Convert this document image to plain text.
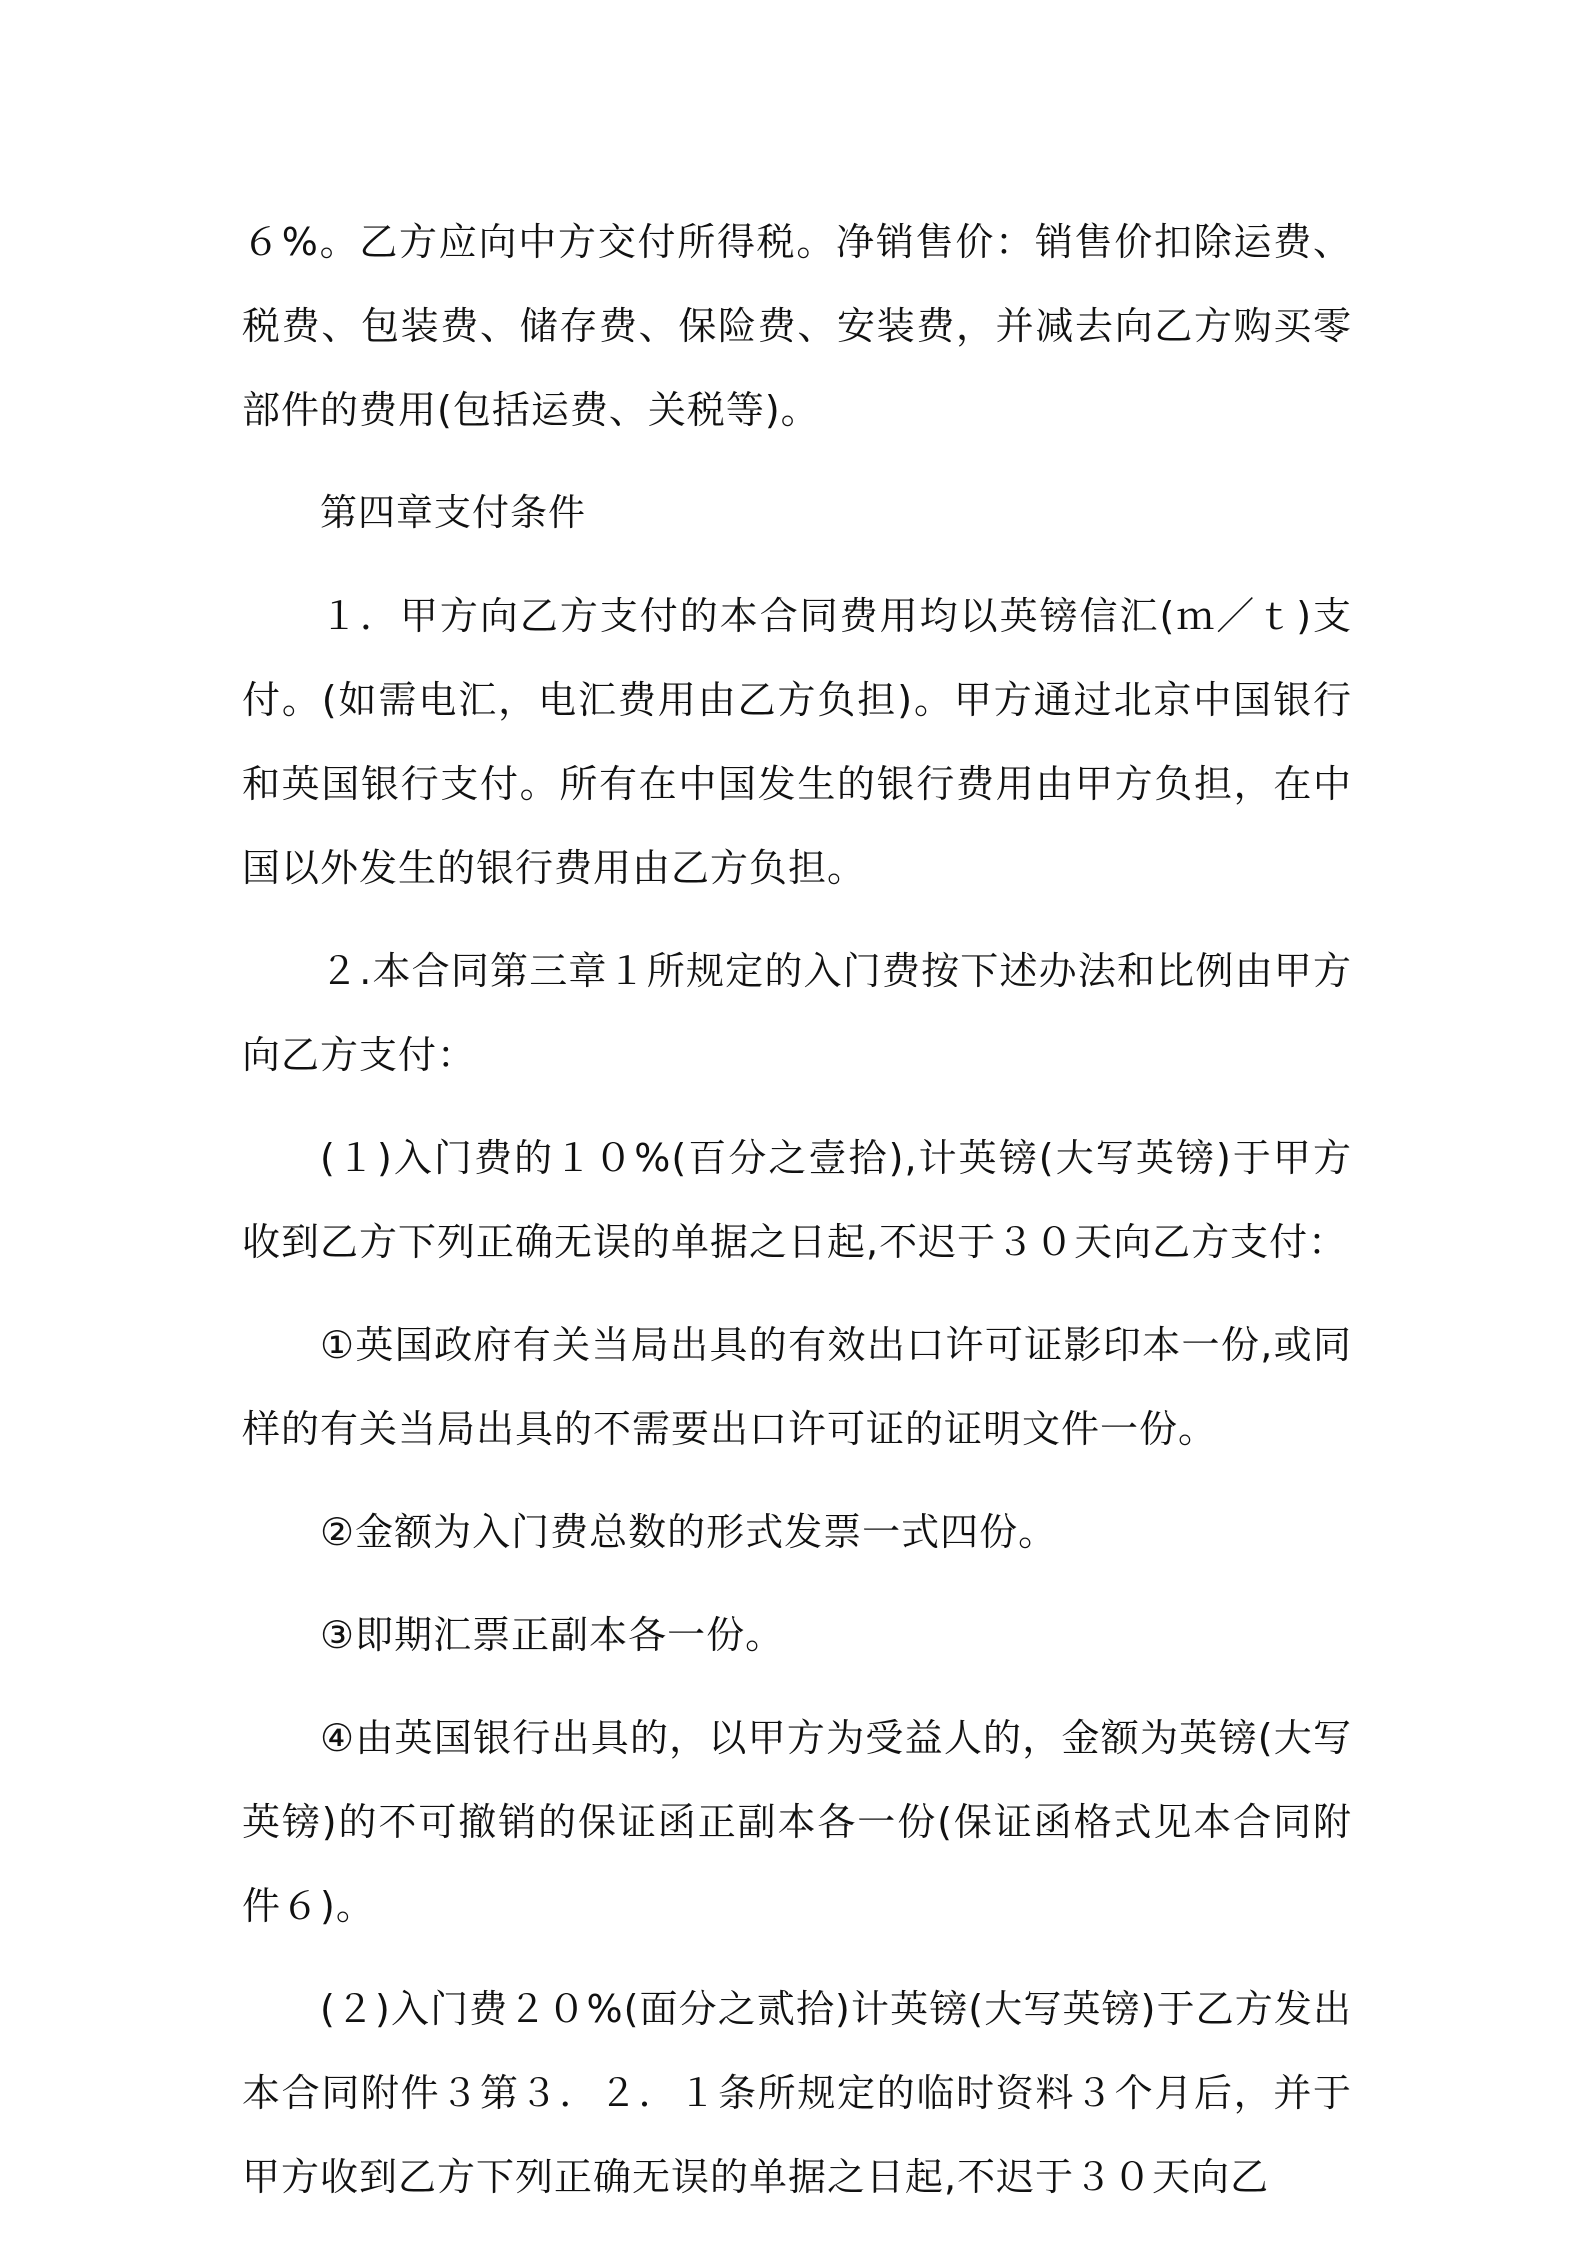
６%。乙方应向中方交付所得税。净销售价：销售价扣除运费、税费、包装费、储存费、保险费、安装费，并减去向乙方购买零部件的费用(包括运费、关税等)。

第四章支付条件

１．甲方向乙方支付的本合同费用均以英镑信汇(ｍ／ｔ)支付。(如需电汇，电汇费用由乙方负担)。甲方通过北京中国银行和英国银行支付。所有在中国发生的银行费用由甲方负担，在中国以外发生的银行费用由乙方负担。

２.本合同第三章１所规定的入门费按下述办法和比例由甲方向乙方支付：

(１)入门费的１０%(百分之壹拾),计英镑(大写英镑)于甲方收到乙方下列正确无误的单据之日起,不迟于３０天向乙方支付：

①英国政府有关当局出具的有效出口许可证影印本一份,或同样的有关当局出具的不需要出口许可证的证明文件一份。

②金额为入门费总数的形式发票一式四份。

③即期汇票正副本各一份。

④由英国银行出具的，以甲方为受益人的，金额为英镑(大写英镑)的不可撤销的保证函正副本各一份(保证函格式见本合同附件６)。

(２)入门费２０%(面分之贰拾)计英镑(大写英镑)于乙方发出本合同附件３第３．２．１条所规定的临时资料３个月后，并于甲方收到乙方下列正确无误的单据之日起,不迟于３０天向乙
